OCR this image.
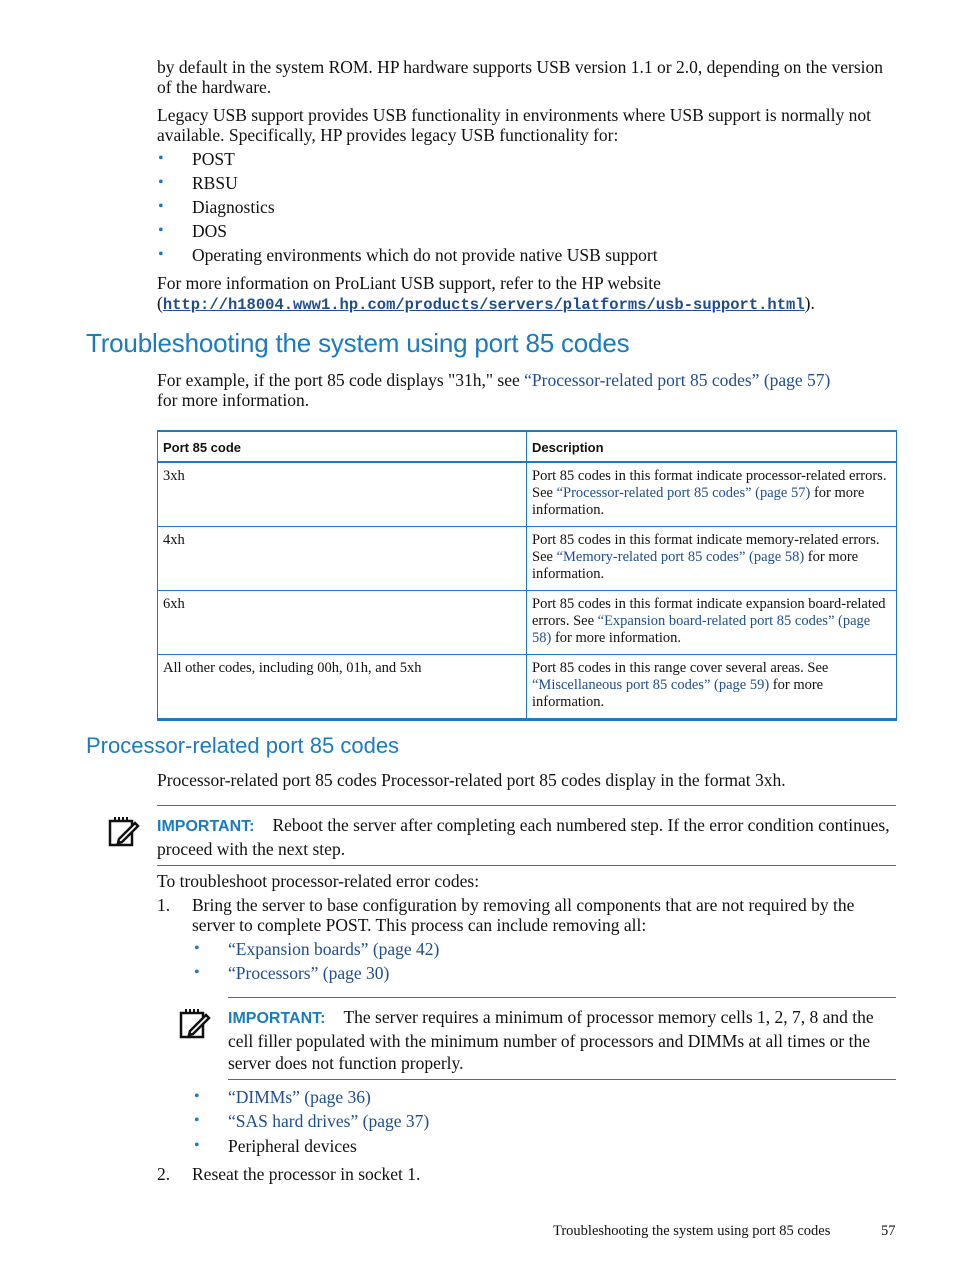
by default in the system ROM. HP hardware supports USB version 1.1 or 2.0, depending on the version of the hardware.

Legacy USB support provides USB functionality in environments where USB support is normally not available. Specifically, HP provides legacy USB functionality for:

• POST
• RBSU
• Diagnostics
• DOS
• Operating environments which do not provide native USB support

For more information on ProLiant USB support, refer to the HP website
(http://h18004.www1.hp.com/products/servers/platforms/usb-support.html).

Troubleshooting the system using port 85 codes

For example, if the port 85 code displays "31h," see “Processor-related port 85 codes” (page 57)
for more information.

Port 85 code	Description
3xh	Port 85 codes in this format indicate processor-related errors. See “Processor-related port 85 codes” (page 57) for more information.
4xh	Port 85 codes in this format indicate memory-related errors. See “Memory-related port 85 codes” (page 58) for more information.
6xh	Port 85 codes in this format indicate expansion board-related errors. See “Expansion board-related port 85 codes” (page 58) for more information.
All other codes, including 00h, 01h, and 5xh	Port 85 codes in this range cover several areas. See “Miscellaneous port 85 codes” (page 59) for more information.
Processor-related port 85 codes

Processor-related port 85 codes Processor-related port 85 codes display in the format 3xh.

IMPORTANT: Reboot the server after completing each numbered step. If the error condition continues, proceed with the next step.

To troubleshoot processor-related error codes:

1. Bring the server to base configuration by removing all components that are not required by the server to complete POST. This process can include removing all:
• “Expansion boards” (page 42)
• “Processors” (page 30)
IMPORTANT: The server requires a minimum of processor memory cells 1, 2, 7, 8 and the cell filler populated with the minimum number of processors and DIMMs at all times or the server does not function properly.
• “DIMMs” (page 36)
• “SAS hard drives” (page 37)
• Peripheral devices
2. Reseat the processor in socket 1.
Troubleshooting the system using port 85 codes	57
